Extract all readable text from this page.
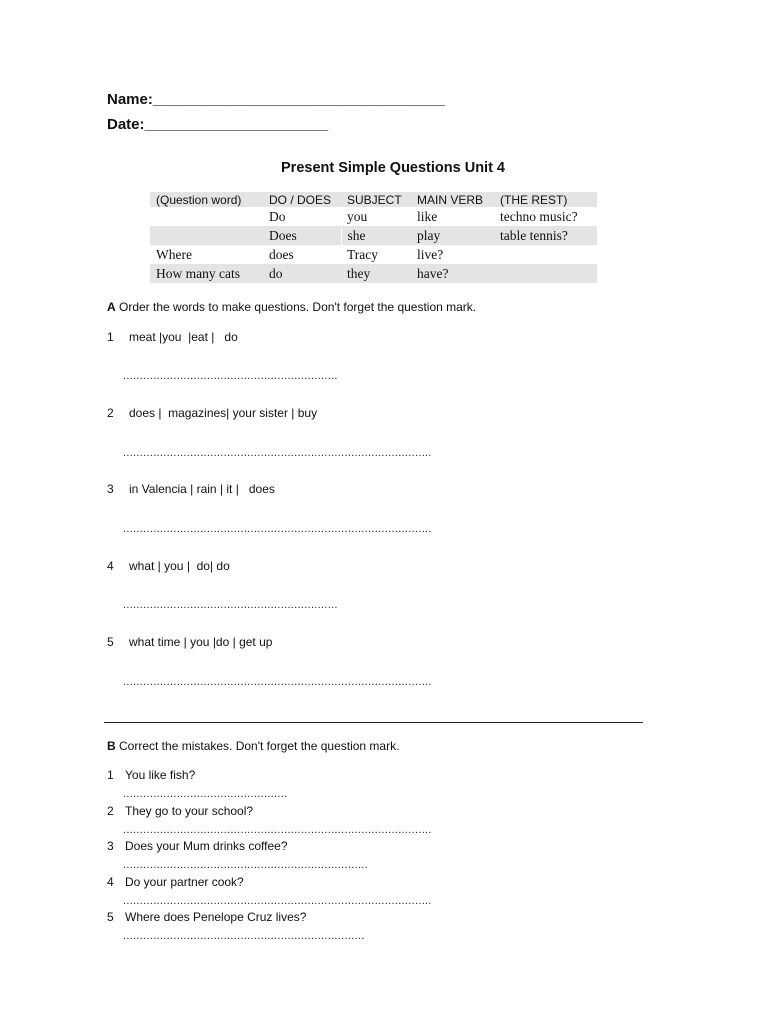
Name:___________________________________
Date:______________________
Present Simple Questions Unit 4
(Question word)	DO / DOES	SUBJECT	MAIN VERB	(THE REST)
	Do	you	like	techno music?
	Does	she	play	table tennis?
Where	does	Tracy	live?	
How many cats	do	they	have?	
A Order the words to make questions. Don't forget the question mark.
1 meat |you  |eat |   do
................................................................
2 does |  magazines| your sister | buy
............................................................................................
3 in Valencia | rain | it |   does
............................................................................................
4 what | you |  do| do
................................................................
5 what time | you |do | get up
............................................................................................
B Correct the mistakes. Don't forget the question mark.
1 You like fish?
.................................................
2 They go to your school?
............................................................................................
3 Does your Mum drinks coffee?
.........................................................................
4 Do your partner cook?
............................................................................................
5 Where does Penelope Cruz lives?
........................................................................
